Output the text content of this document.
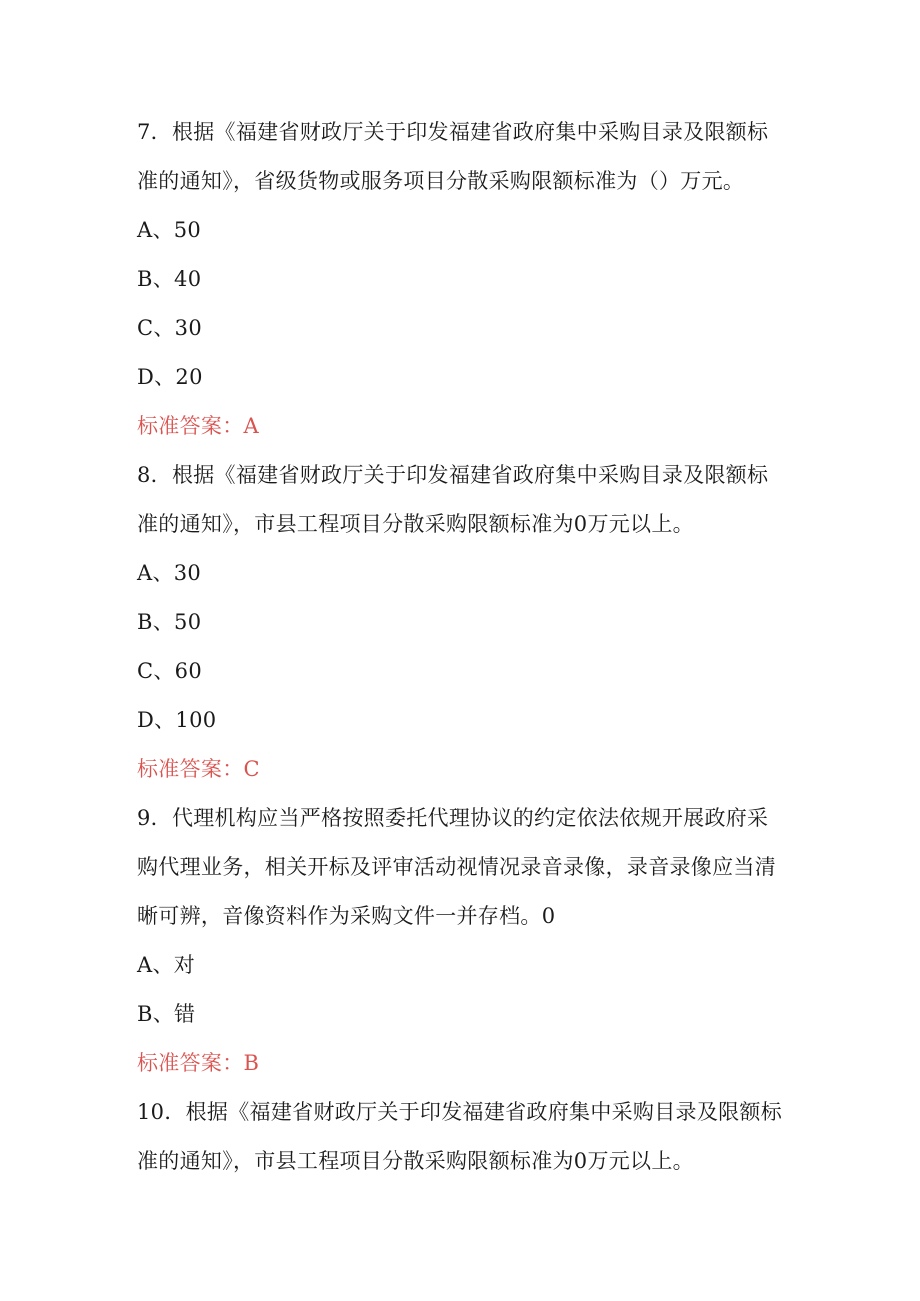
7．根据《福建省财政厅关于印发福建省政府集中采购目录及限额标
准的通知》，省级货物或服务项目分散采购限额标准为（）万元。
A、50
B、40
C、30
D、20
标准答案：A
8．根据《福建省财政厅关于印发福建省政府集中采购目录及限额标
准的通知》，市县工程项目分散采购限额标准为0万元以上。
A、30
B、50
C、60
D、100
标准答案：C
9．代理机构应当严格按照委托代理协议的约定依法依规开展政府采
购代理业务，相关开标及评审活动视情况录音录像，录音录像应当清
晰可辨，音像资料作为采购文件一并存档。0
A、对
B、错
标准答案：B
10．根据《福建省财政厅关于印发福建省政府集中采购目录及限额标
准的通知》，市县工程项目分散采购限额标准为0万元以上。
